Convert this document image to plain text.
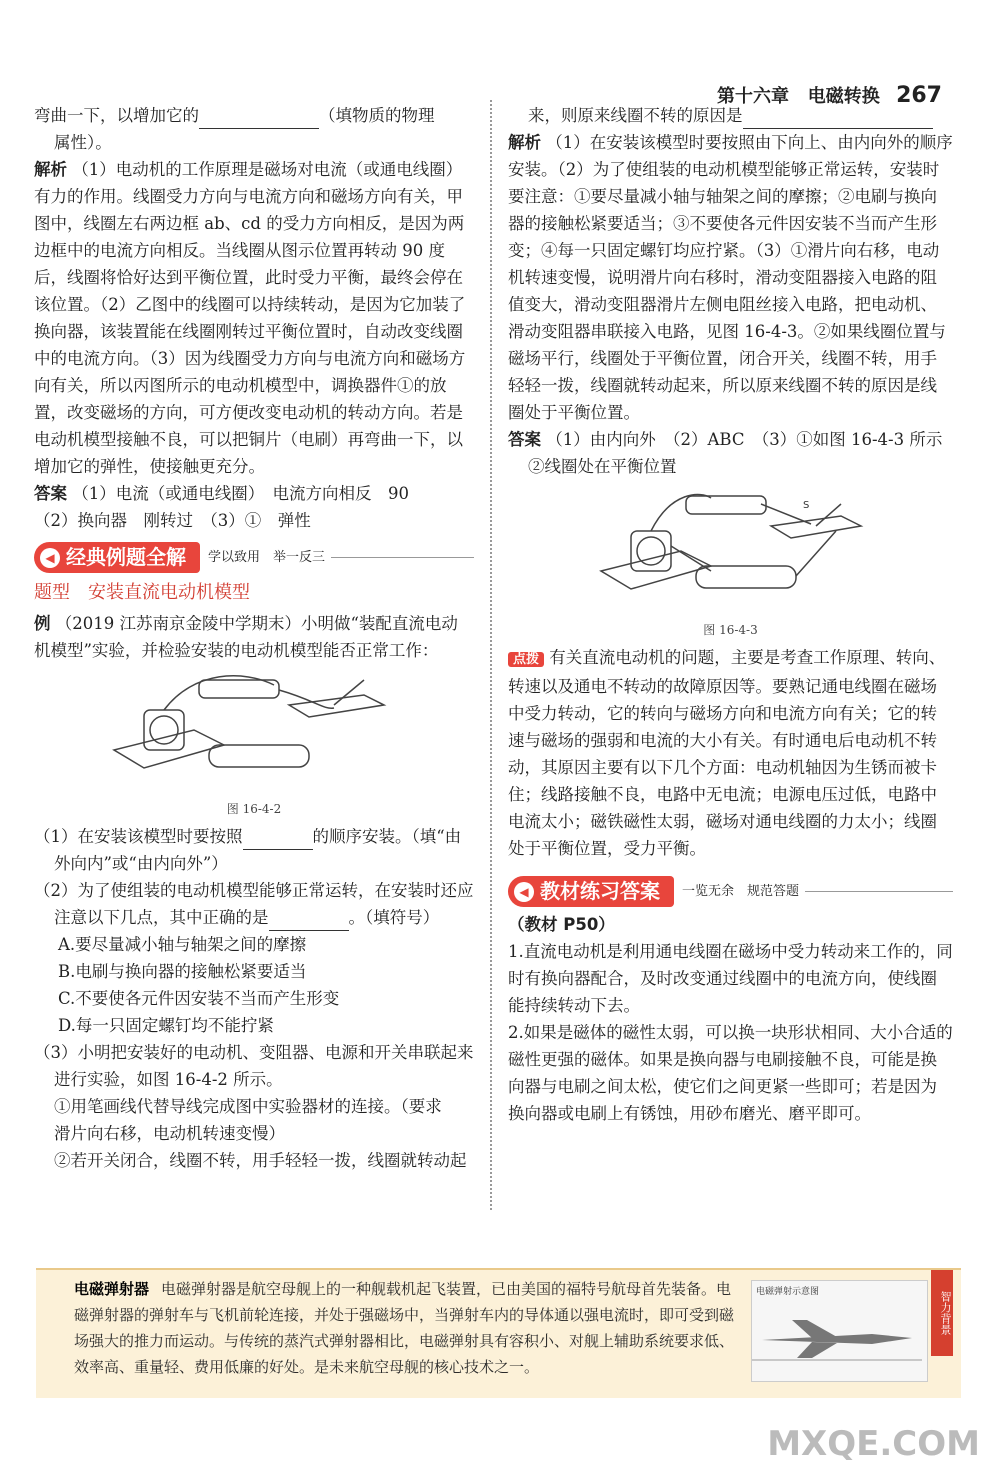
第十六章 电磁转换 267

弯曲一下，以增加它的	（填物质的物理

属性）。

解析 （1）电动机的工作原理是磁场对电流（或通电线圈）有力的作用。线圈受力方向与电流方向和磁场方向有关，甲图中，线圈左右两边框 ab、cd 的受力方向相反，是因为两边框中的电流方向相反。当线圈从图示位置再转动 90 度后，线圈将恰好达到平衡位置，此时受力平衡，最终会停在该位置。（2）乙图中的线圈可以持续转动，是因为它加装了换向器，该装置能在线圈刚转过平衡位置时，自动改变线圈中的电流方向。（3）因为线圈受力方向与电流方向和磁场方向有关，所以丙图所示的电动机模型中，调换器件①的放置，改变磁场的方向，可方便改变电动机的转动方向。若是电动机模型接触不良，可以把铜片（电刷）再弯曲一下，以增加它的弹性，使接触更充分。

答案 （1）电流（或通电线圈）　电流方向相反　90

（2）换向器　刚转过　（3）①　弹性

◀ 经典例题全解 学以致用　举一反三
题型　安装直流电动机模型

例 （2019 江苏南京金陵中学期末）小明做“装配直流电动机模型”实验，并检验安装的电动机模型能否正常工作：

图 16-4-2

（1）在安装该模型时要按照	的顺序安装。（填“由

外向内”或“由内向外”）

（2）为了使组装的电动机模型能够正常运转，在安装时还应

注意以下几点，其中正确的是	。（填符号）

A.要尽量减小轴与轴架之间的摩擦

B.电刷与换向器的接触松紧要适当

C.不要使各元件因安装不当而产生形变

D.每一只固定螺钉均不能拧紧

（3）小明把安装好的电动机、变阻器、电源和开关串联起来

进行实验，如图 16-4-2 所示。

①用笔画线代替导线完成图中实验器材的连接。（要求

滑片向右移，电动机转速变慢）

②若开关闭合，线圈不转，用手轻轻一拨，线圈就转动起

来，则原来线圈不转的原因是

解析 （1）在安装该模型时要按照由下向上、由内向外的顺序安装。（2）为了使组装的电动机模型能够正常运转，安装时要注意：①要尽量减小轴与轴架之间的摩擦；②电刷与换向器的接触松紧要适当；③不要使各元件因安装不当而产生形变；④每一只固定螺钉均应拧紧。（3）①滑片向右移，电动机转速变慢，说明滑片向右移时，滑动变阻器接入电路的阻值变大，滑动变阻器滑片左侧电阻丝接入电路，把电动机、滑动变阻器串联接入电路，见图 16-4-3。②如果线圈位置与磁场平行，线圈处于平衡位置，闭合开关，线圈不转，用手轻轻一拨，线圈就转动起来，所以原来线圈不转的原因是线圈处于平衡位置。

答案 （1）由内向外　（2）ABC　（3）①如图 16-4-3 所示

②线圈处在平衡位置

S
图 16-4-3

点拨 有关直流电动机的问题，主要是考查工作原理、转向、转速以及通电不转动的故障原因等。要熟记通电线圈在磁场中受力转动，它的转向与磁场方向和电流方向有关；它的转速与磁场的强弱和电流的大小有关。有时通电后电动机不转动，其原因主要有以下几个方面：电动机轴因为生锈而被卡住；线路接触不良，电路中无电流；电源电压过低，电路中电流太小；磁铁磁性太弱，磁场对通电线圈的力太小；线圈处于平衡位置，受力平衡。

◀ 教材练习答案 一览无余　规范答题

（教材 P50）

1.直流电动机是利用通电线圈在磁场中受力转动来工作的，同时有换向器配合，及时改变通过线圈中的电流方向，使线圈能持续转动下去。

2.如果是磁体的磁性太弱，可以换一块形状相同、大小合适的磁性更强的磁体。如果是换向器与电刷接触不良，可能是换向器与电刷之间太松，使它们之间更紧一些即可；若是因为换向器或电刷上有锈蚀，用砂布磨光、磨平即可。

电磁弹射器 电磁弹射器是航空母舰上的一种舰载机起飞装置，已由美国的福特号航母首先装备。电磁弹射器的弹射车与飞机前轮连接，并处于强磁场中，当弹射车内的导体通以强电流时，即可受到磁场强大的推力而运动。与传统的蒸汽式弹射器相比，电磁弹射具有容积小、对舰上辅助系统要求低、效率高、重量轻、费用低廉的好处。是未来航空母舰的核心技术之一。
电磁弹射示意图	智力背景
MXQE.COM
